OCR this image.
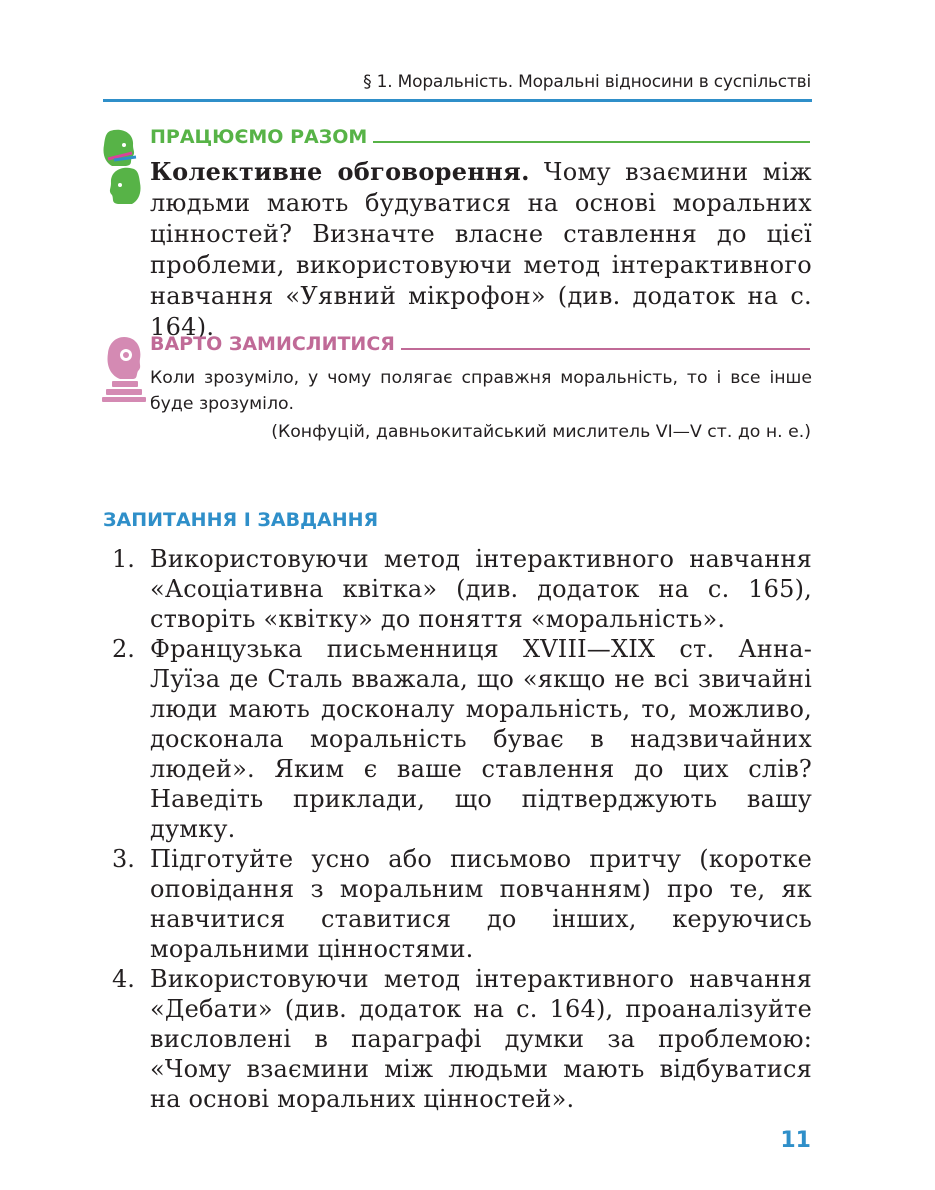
§ 1. Моральність. Моральні відносини в суспільстві
ПРАЦЮЄМО РАЗОМ
Колективне обговорення. Чому взаємини між людьми мають будуватися на основі моральних цінностей? Визначте власне ставлення до цієї проблеми, використовуючи метод інтерактивного навчання «Уявний мікрофон» (див. додаток на с. 164).
ВАРТО ЗАМИСЛИТИСЯ
Коли зрозуміло, у чому полягає справжня моральність, то і все інше буде зрозуміло.
(Конфуцій, давньокитайський мислитель VI—V ст. до н. е.)
ЗАПИТАННЯ І ЗАВДАННЯ
1. Використовуючи метод інтерактивного навчання «Асоціативна квітка» (див. додаток на с. 165), створіть «квітку» до поняття «моральність».
2. Французька письменниця XVIII—XIX ст. Анна-Луїза де Сталь вважала, що «якщо не всі звичайні люди мають досконалу моральність, то, можливо, досконала моральність буває в надзвичайних людей». Яким є ваше ставлення до цих слів? Наведіть приклади, що підтверджують вашу думку.
3. Підготуйте усно або письмово притчу (коротке оповідання з моральним повчанням) про те, як навчитися ставитися до інших, керуючись моральними цінностями.
4. Використовуючи метод інтерактивного навчання «Дебати» (див. додаток на с. 164), проаналізуйте висловлені в параграфі думки за проблемою: «Чому взаємини між людьми мають відбуватися на основі моральних цінностей».
11
